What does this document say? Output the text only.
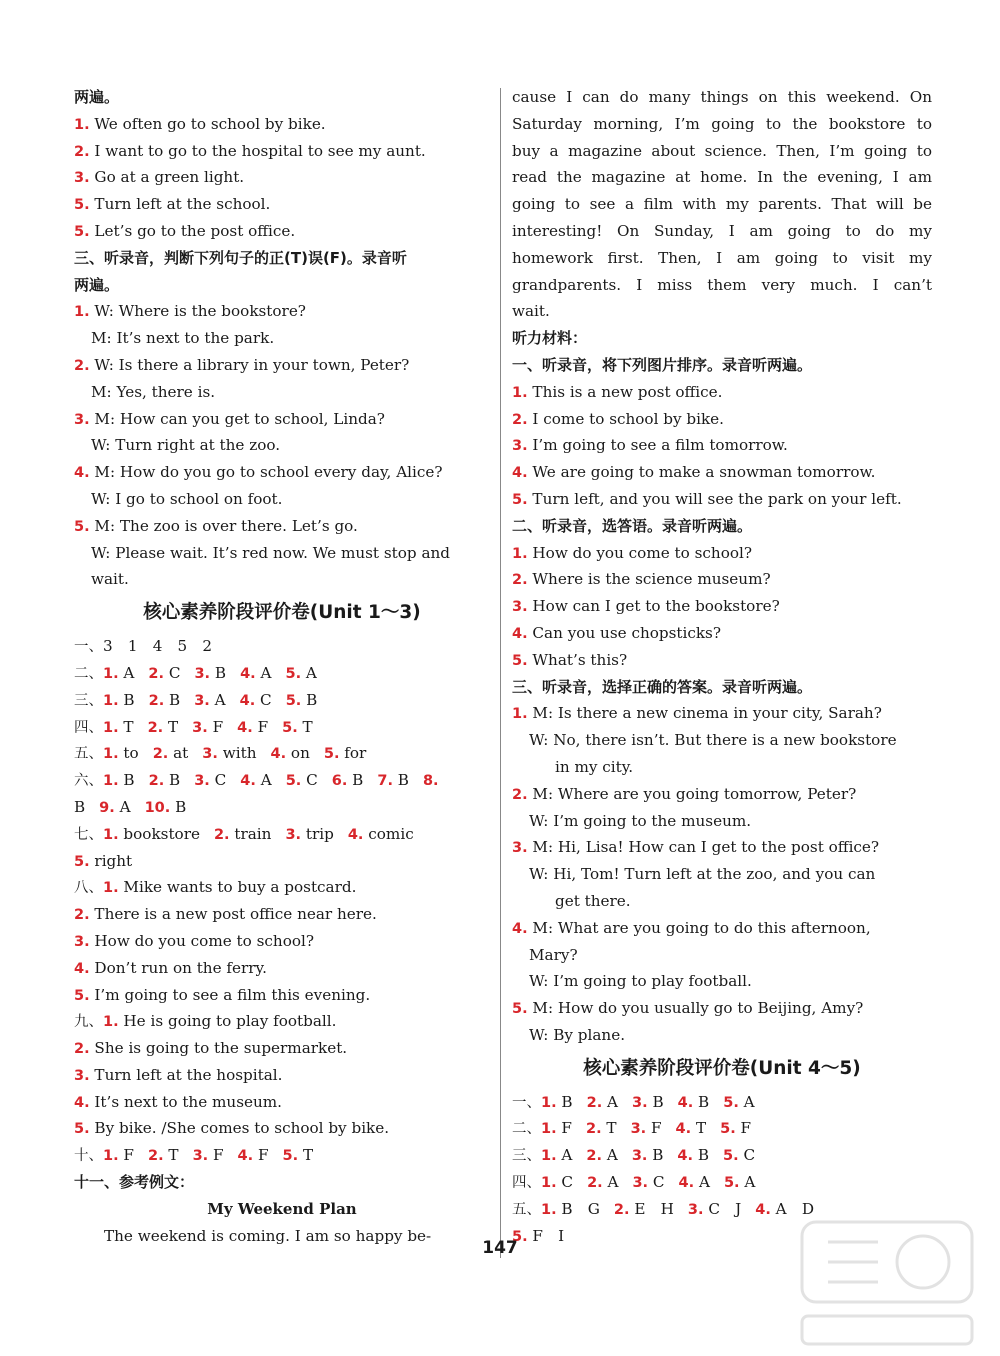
两遍。
1. We often go to school by bike.
2. I want to go to the hospital to see my aunt.
3. Go at a green light.
5. Turn left at the school.
5. Let’s go to the post office.
三、听录音，判断下列句子的正(T)误(F)。录音听
两遍。
1. W: Where is the bookstore?
M: It’s next to the park.
2. W: Is there a library in your town, Peter?
M: Yes, there is.
3. M: How can you get to school, Linda?
W: Turn right at the zoo.
4. M: How do you go to school every day, Alice?
W: I go to school on foot.
5. M: The zoo is over there. Let’s go.
W: Please wait. It’s red now. We must stop and
wait.
核心素养阶段评价卷(Unit 1～3)
一、3　1　4　5　2
二、1. A 2. C 3. B 4. A 5. A
三、1. B 2. B 3. A 4. C 5. B
四、1. T 2. T 3. F 4. F 5. T
五、1. to 2. at 3. with 4. on 5. for
六、1. B 2. B 3. C 4. A 5. C 6. B 7. B 8.
B 9. A 10. B
七、1. bookstore 2. train 3. trip 4. comic
5. right
八、1. Mike wants to buy a postcard.
2. There is a new post office near here.
3. How do you come to school?
4. Don’t run on the ferry.
5. I’m going to see a film this evening.
九、1. He is going to play football.
2. She is going to the supermarket.
3. Turn left at the hospital.
4. It’s next to the museum.
5. By bike. /She comes to school by bike.
十、1. F 2. T 3. F 4. F 5. T
十一、参考例文：
My Weekend Plan
The weekend is coming. I am so happy be-
cause I can do many things on this weekend. On
Saturday morning, I’m going to the bookstore to
buy a magazine about science. Then, I’m going to
read the magazine at home. In the evening, I am
going to see a film with my parents. That will be
interesting! On Sunday, I am going to do my
homework first. Then, I am going to visit my
grandparents. I miss them very much. I can’t
wait.
听力材料：
一、听录音，将下列图片排序。录音听两遍。
1. This is a new post office.
2. I come to school by bike.
3. I’m going to see a film tomorrow.
4. We are going to make a snowman tomorrow.
5. Turn left, and you will see the park on your left.
二、听录音，选答语。录音听两遍。
1. How do you come to school?
2. Where is the science museum?
3. How can I get to the bookstore?
4. Can you use chopsticks?
5. What’s this?
三、听录音，选择正确的答案。录音听两遍。
1. M: Is there a new cinema in your city, Sarah?
W: No, there isn’t. But there is a new bookstore
in my city.
2. M: Where are you going tomorrow, Peter?
W: I’m going to the museum.
3. M: Hi, Lisa! How can I get to the post office?
W: Hi, Tom! Turn left at the zoo, and you can
get there.
4. M: What are you going to do this afternoon,
Mary?
W: I’m going to play football.
5. M: How do you usually go to Beijing, Amy?
W: By plane.
核心素养阶段评价卷(Unit 4～5)
一、1. B 2. A 3. B 4. B 5. A
二、1. F 2. T 3. F 4. T 5. F
三、1. A 2. A 3. B 4. B 5. C
四、1. C 2. A 3. C 4. A 5. A
五、1. B　G 2. E　H 3. C　J 4. A　D
5. F　I
147
